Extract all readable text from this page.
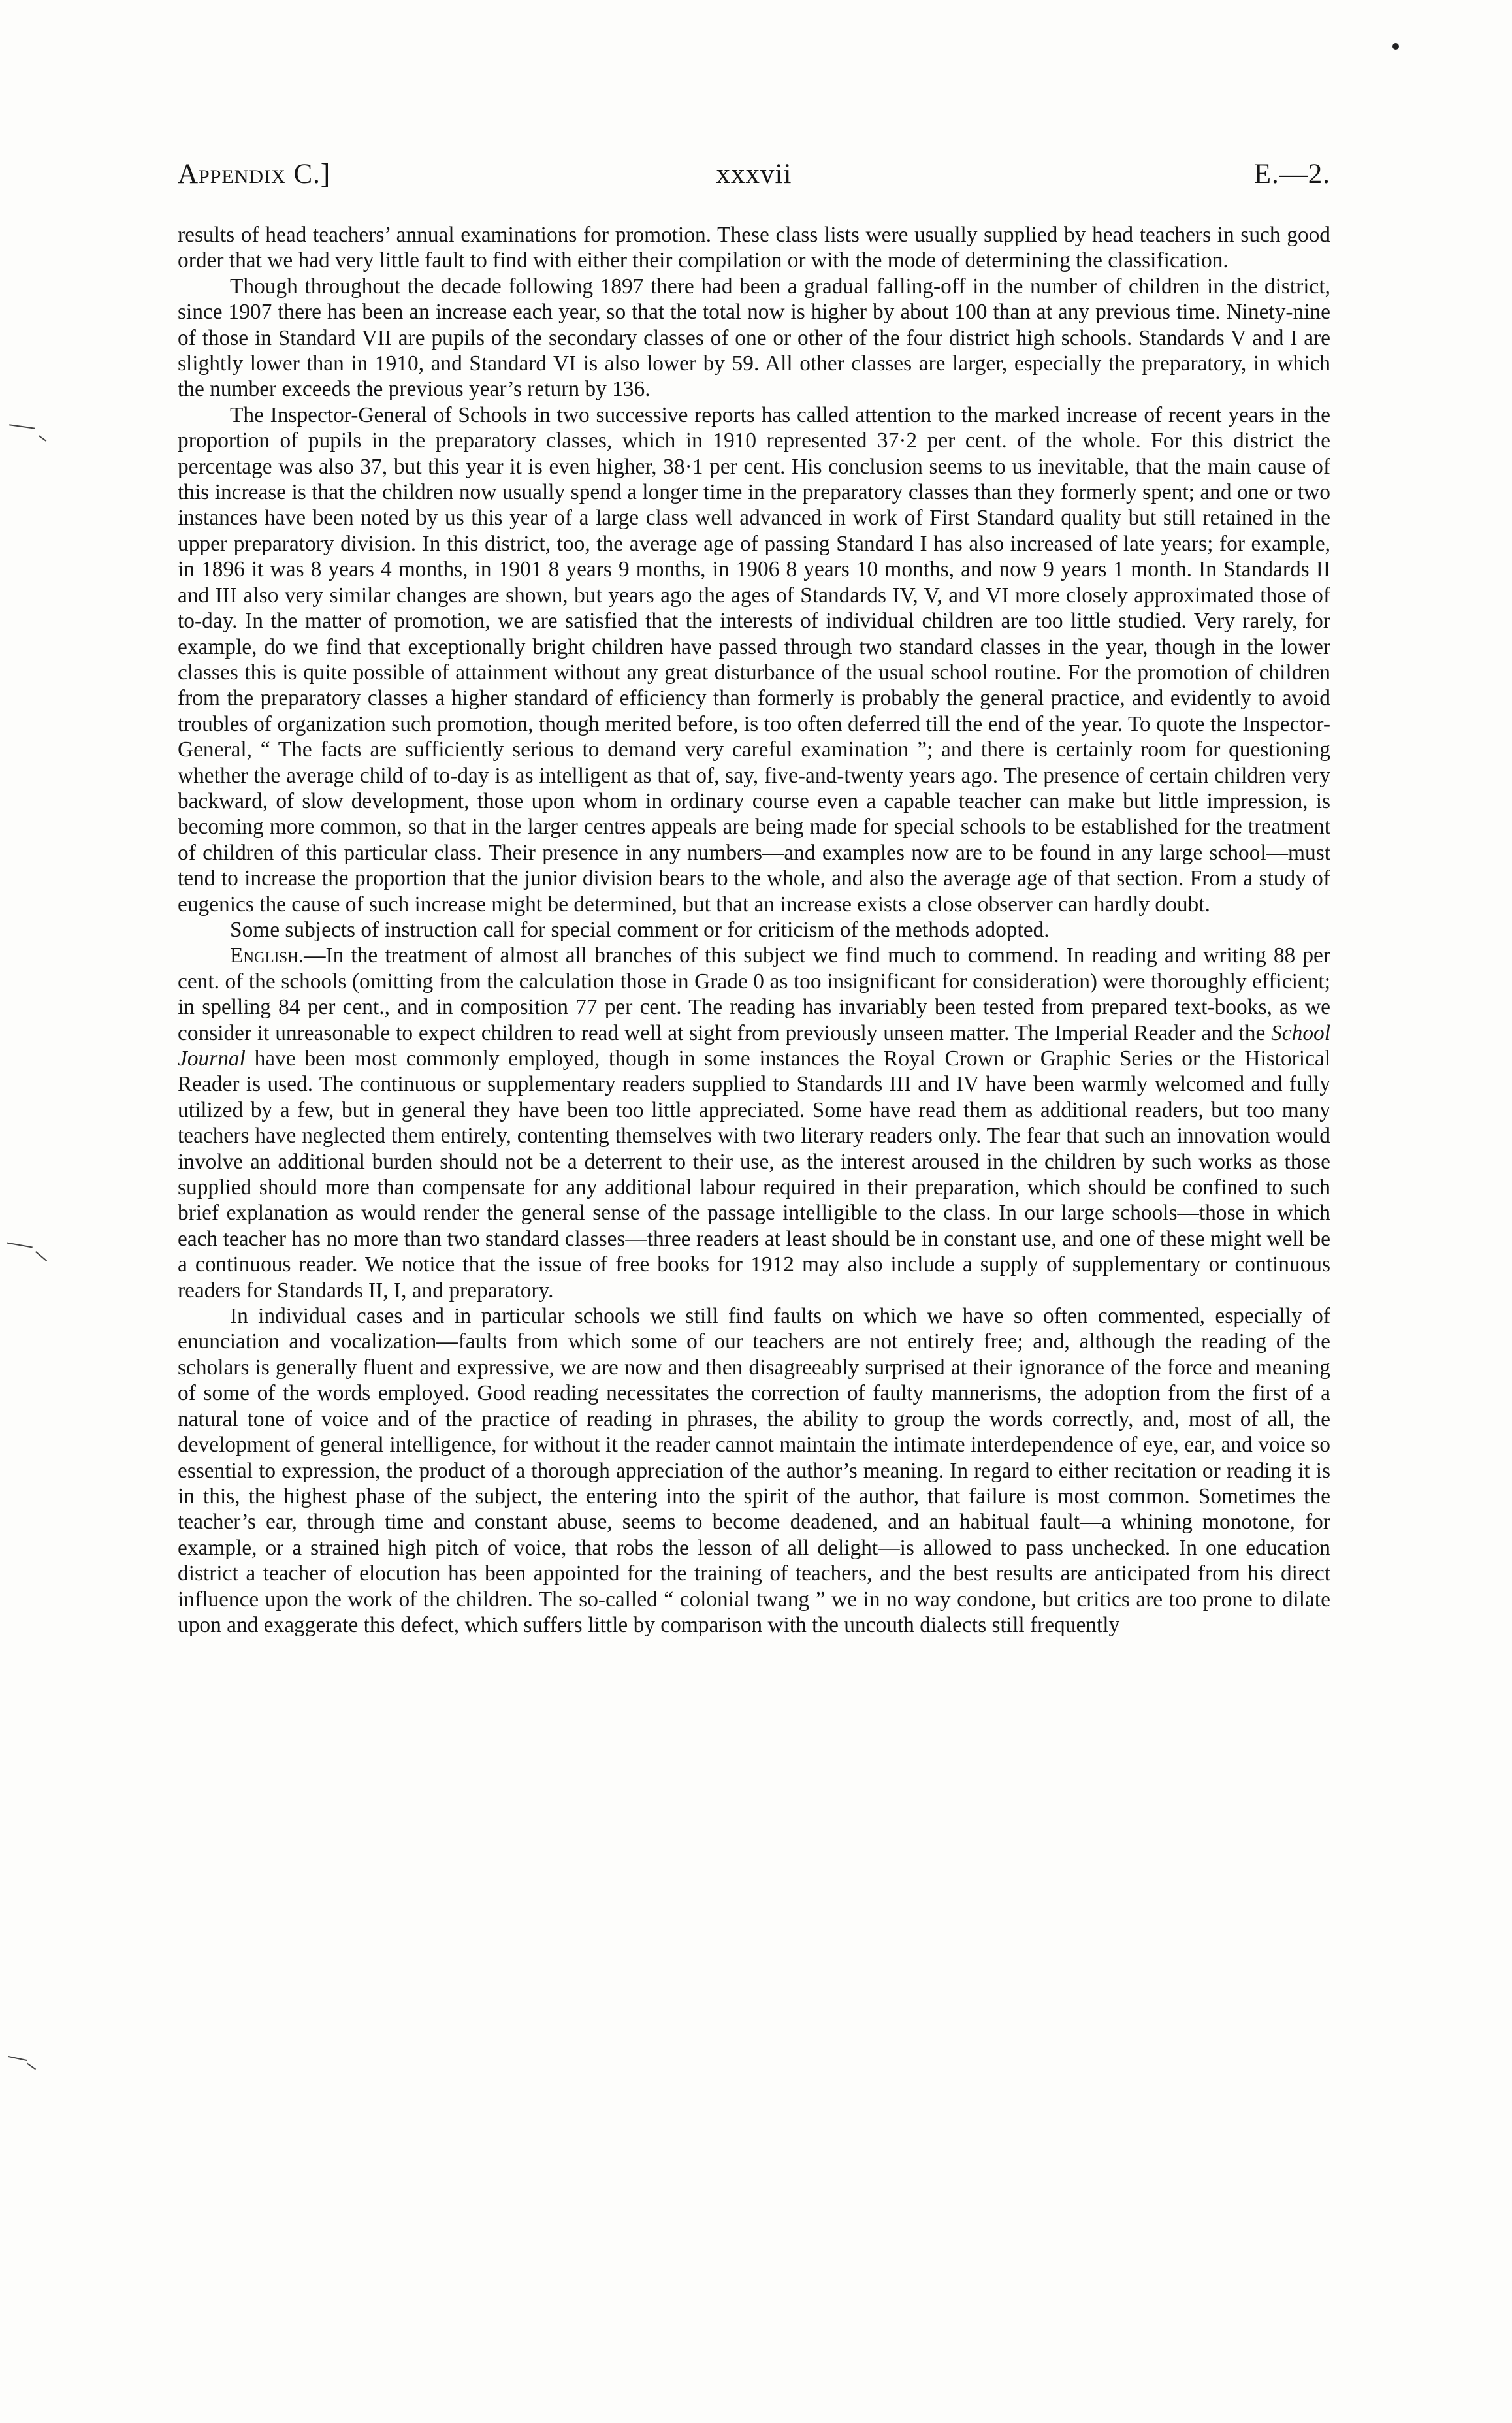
Appendix C.]	xxxvii	E.—2.

results of head teachers’ annual examinations for promotion. These class lists were usually supplied by head teachers in such good order that we had very little fault to find with either their compilation or with the mode of determining the classification.

Though throughout the decade following 1897 there had been a gradual falling-off in the number of children in the district, since 1907 there has been an increase each year, so that the total now is higher by about 100 than at any previous time. Ninety-nine of those in Standard VII are pupils of the secondary classes of one or other of the four district high schools. Standards V and I are slightly lower than in 1910, and Standard VI is also lower by 59. All other classes are larger, especially the preparatory, in which the number exceeds the previous year’s return by 136.

The Inspector-General of Schools in two successive reports has called attention to the marked increase of recent years in the proportion of pupils in the preparatory classes, which in 1910 represented 37·2 per cent. of the whole. For this district the percentage was also 37, but this year it is even higher, 38·1 per cent. His conclusion seems to us inevitable, that the main cause of this increase is that the children now usually spend a longer time in the preparatory classes than they formerly spent; and one or two instances have been noted by us this year of a large class well advanced in work of First Standard quality but still retained in the upper preparatory division. In this district, too, the average age of passing Standard I has also increased of late years; for example, in 1896 it was 8 years 4 months, in 1901 8 years 9 months, in 1906 8 years 10 months, and now 9 years 1 month. In Standards II and III also very similar changes are shown, but years ago the ages of Standards IV, V, and VI more closely approximated those of to-day. In the matter of promotion, we are satisfied that the interests of individual children are too little studied. Very rarely, for example, do we find that exceptionally bright children have passed through two standard classes in the year, though in the lower classes this is quite possible of attainment without any great disturbance of the usual school routine. For the promotion of children from the preparatory classes a higher standard of efficiency than formerly is probably the general practice, and evidently to avoid troubles of organization such promotion, though merited before, is too often deferred till the end of the year. To quote the Inspector-General, “ The facts are sufficiently serious to demand very careful examination ”; and there is certainly room for questioning whether the average child of to-day is as intelligent as that of, say, five-and-twenty years ago. The presence of certain children very backward, of slow development, those upon whom in ordinary course even a capable teacher can make but little impression, is becoming more common, so that in the larger centres appeals are being made for special schools to be established for the treatment of children of this particular class. Their presence in any numbers—and examples now are to be found in any large school—must tend to increase the proportion that the junior division bears to the whole, and also the average age of that section. From a study of eugenics the cause of such increase might be determined, but that an increase exists a close observer can hardly doubt.

Some subjects of instruction call for special comment or for criticism of the methods adopted.

English.—In the treatment of almost all branches of this subject we find much to commend. In reading and writing 88 per cent. of the schools (omitting from the calculation those in Grade 0 as too insignificant for consideration) were thoroughly efficient; in spelling 84 per cent., and in composition 77 per cent. The reading has invariably been tested from prepared text-books, as we consider it unreasonable to expect children to read well at sight from previously unseen matter. The Imperial Reader and the School Journal have been most commonly employed, though in some instances the Royal Crown or Graphic Series or the Historical Reader is used. The continuous or supplementary readers supplied to Standards III and IV have been warmly welcomed and fully utilized by a few, but in general they have been too little appreciated. Some have read them as additional readers, but too many teachers have neglected them entirely, contenting themselves with two literary readers only. The fear that such an innovation would involve an additional burden should not be a deterrent to their use, as the interest aroused in the children by such works as those supplied should more than compensate for any additional labour required in their preparation, which should be confined to such brief explanation as would render the general sense of the passage intelligible to the class. In our large schools—those in which each teacher has no more than two standard classes—three readers at least should be in constant use, and one of these might well be a continuous reader. We notice that the issue of free books for 1912 may also include a supply of supplementary or continuous readers for Standards II, I, and preparatory.

In individual cases and in particular schools we still find faults on which we have so often commented, especially of enunciation and vocalization—faults from which some of our teachers are not entirely free; and, although the reading of the scholars is generally fluent and expressive, we are now and then disagreeably surprised at their ignorance of the force and meaning of some of the words employed. Good reading necessitates the correction of faulty mannerisms, the adoption from the first of a natural tone of voice and of the practice of reading in phrases, the ability to group the words correctly, and, most of all, the development of general intelligence, for without it the reader cannot maintain the intimate interdependence of eye, ear, and voice so essential to expression, the product of a thorough appreciation of the author’s meaning. In regard to either recitation or reading it is in this, the highest phase of the subject, the entering into the spirit of the author, that failure is most common. Sometimes the teacher’s ear, through time and constant abuse, seems to become deadened, and an habitual fault—a whining monotone, for example, or a strained high pitch of voice, that robs the lesson of all delight—is allowed to pass unchecked. In one education district a teacher of elocution has been appointed for the training of teachers, and the best results are anticipated from his direct influence upon the work of the children. The so-called “ colonial twang ” we in no way condone, but critics are too prone to dilate upon and exaggerate this defect, which suffers little by comparison with the uncouth dialects still frequently
